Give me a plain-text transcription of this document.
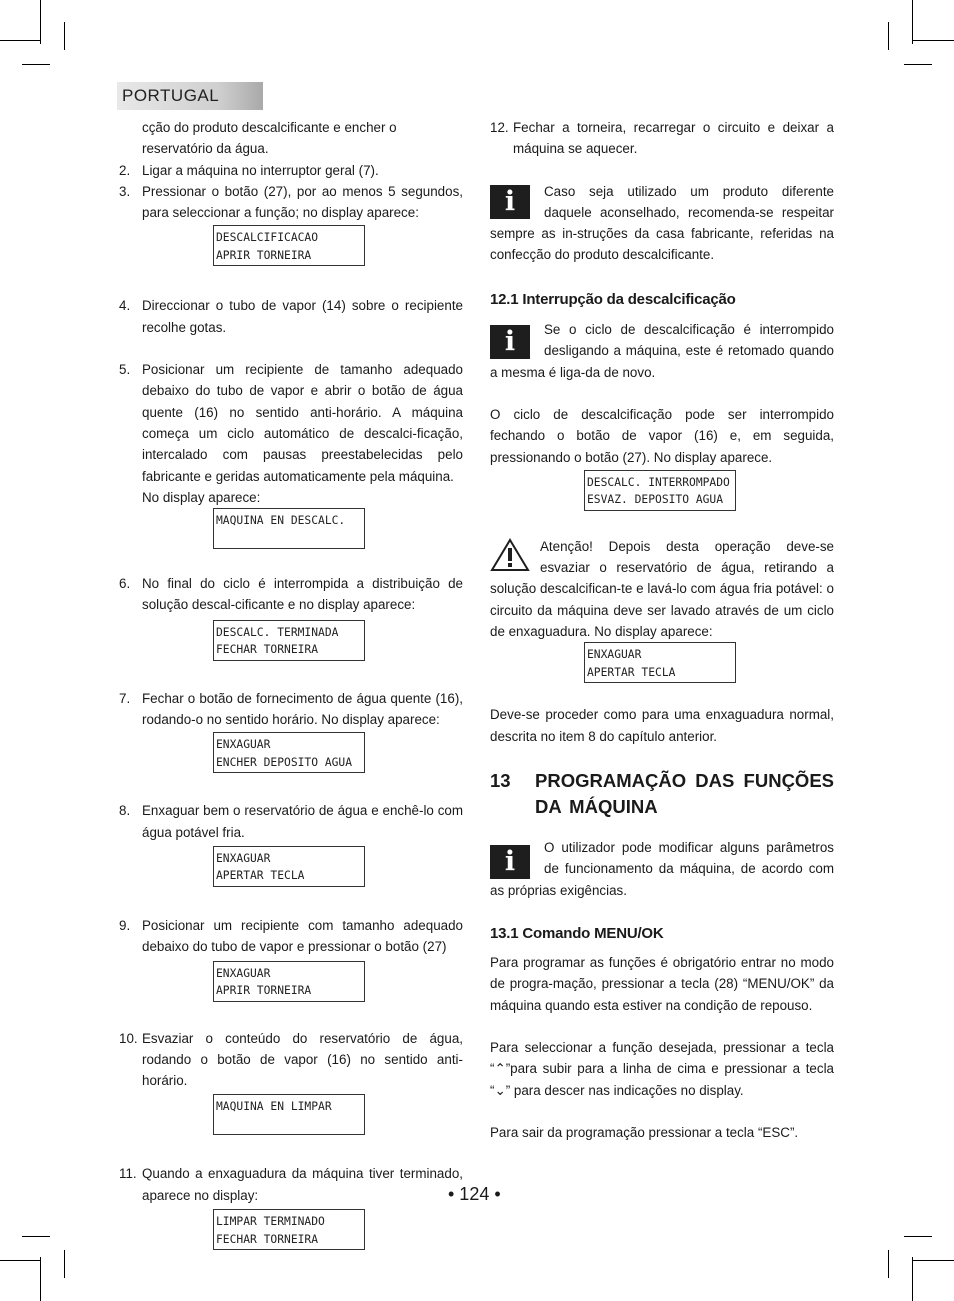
PORTUGAL

cção do produto descalcificante e encher o reservatório da água.

2. Ligar a máquina no interruptor geral (7).
3. Pressionar o botão (27), por ao menos 5 segundos, para seleccionar a função; no display aparece:
DESCALCIFICACAO
APRIR TORNEIRA
4. Direccionar o tubo de vapor (14) sobre o recipiente recolhe gotas.
5. Posicionar um recipiente de tamanho adequado debaixo do tubo de vapor e abrir o botão de água quente (16) no sentido anti-horário. A máquina começa um ciclo automático de descalci-ficação, intercalado com pausas preestabelecidas pelo fabricante e geridas automaticamente pela máquina.
No display aparece:
MAQUINA EN DESCALC.

6. No final do ciclo é interrompida a distribuição de solução descal-cificante e no display aparece:
DESCALC. TERMINADA
FECHAR TORNEIRA
7. Fechar o botão de fornecimento de água quente (16), rodando-o no sentido horário. No display aparece:
ENXAGUAR
ENCHER DEPOSITO AGUA
8. Enxaguar bem o reservatório de água e enchê-lo com água potável fria.
ENXAGUAR
APERTAR TECLA
9. Posicionar um recipiente com tamanho adequado debaixo do tubo de vapor e pressionar o botão (27)
ENXAGUAR
APRIR TORNEIRA
10. Esvaziar o conteúdo do reservatório de água, rodando o botão de vapor (16) no sentido anti-horário.
MAQUINA EN LIMPAR

11. Quando a enxaguadura da máquina tiver terminado, aparece no display:
LIMPAR TERMINADO
FECHAR TORNEIRA
12. Fechar a torneira, recarregar o circuito e deixar a máquina se aquecer.
i	Caso seja utilizado um produto diferente daquele aconselhado, recomenda-se respeitar sempre as in-struções da casa fabricante, referidas na confecção do produto descalcificante.

12.1 Interrupção da descalcificação
i	Se o ciclo de descalcificação é interrompido desligando a máquina, este é retomado quando a mesma é liga-da de novo.

O ciclo de descalcificação pode ser interrompido fechando o botão de vapor (16) e, em seguida, pressionando o botão (27). No display aparece.

DESCALC. INTERROMPADO
ESVAZ. DEPOSITO AGUA

Atenção! Depois desta operação deve-se esvaziar o reservatório de água, retirando a solução descalcifican-te e lavá-lo com água fria potável: o circuito da máquina deve ser lavado através de um ciclo de enxaguadura. No display aparece:

ENXAGUAR
APERTAR TECLA

Deve-se proceder como para uma enxaguadura normal, descrita no item 8 do capítulo anterior.

13 PROGRAMAÇÃO DAS FUNÇÕES DA MÁQUINA
i	O utilizador pode modificar alguns parâmetros de funcionamento da máquina, de acordo com as próprias exigências.

13.1 Comando MENU/OK

Para programar as funções é obrigatório entrar no modo de progra-mação, pressionar a tecla (28) “MENU/OK” da máquina quando esta estiver na condição de repouso.

Para seleccionar a função desejada, pressionar a tecla “⌃”para subir para a linha de cima e pressionar a tecla “⌄” para descer nas indicações no display.

Para sair da programação pressionar a tecla “ESC”.

• 124 •
